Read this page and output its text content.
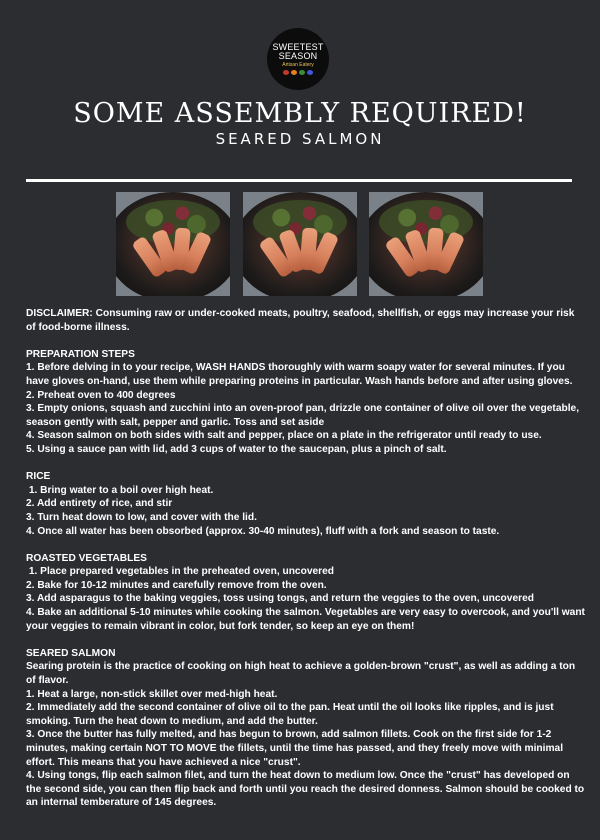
SWEETEST
SEASON
Artisan Eatery
SOME ASSEMBLY REQUIRED!
SEARED SALMON

DISCLAIMER: Consuming raw or under-cooked meats, poultry, seafood, shellfish, or eggs may increase your risk of food-borne illness.

PREPARATION STEPS

1. Before delving in to your recipe, WASH HANDS thoroughly with warm soapy water for several minutes. If you have gloves on-hand, use them while preparing proteins in particular. Wash hands before and after using gloves.

2. Preheat oven to 400 degrees

3. Empty onions, squash and zucchini into an oven-proof pan, drizzle one container of olive oil over the vegetable, season gently with salt, pepper and garlic. Toss and set aside

4. Season salmon on both sides with salt and pepper, place on a plate in the refrigerator until ready to use.

5. Using a sauce pan with lid, add 3 cups of water to the saucepan, plus a pinch of salt.

RICE

1. Bring water to a boil over high heat.

2. Add entirety of rice, and stir

3. Turn heat down to low, and cover with the lid.

4. Once all water has been obsorbed (approx. 30-40 minutes), fluff with a fork and season to taste.

ROASTED VEGETABLES

1. Place prepared vegetables in the preheated oven, uncovered

2. Bake for 10-12 minutes and carefully remove from the oven.

3. Add asparagus to the baking veggies, toss using tongs, and return the veggies to the oven, uncovered

4. Bake an additional 5-10 minutes while cooking the salmon. Vegetables are very easy to overcook, and you'll want your veggies to remain vibrant in color, but fork tender, so keep an eye on them!

SEARED SALMON

Searing protein is the practice of cooking on high heat to achieve a golden-brown "crust", as well as adding a ton of flavor.

1. Heat a large, non-stick skillet over med-high heat.

2. Immediately add the second container of olive oil to the pan. Heat until the oil looks like ripples, and is just smoking. Turn the heat down to medium, and add the butter.

3. Once the butter has fully melted, and has begun to brown, add salmon fillets. Cook on the first side for 1-2 minutes, making certain NOT TO MOVE the fillets, until the time has passed, and they freely move with minimal effort. This means that you have achieved a nice "crust".

4. Using tongs, flip each salmon filet, and turn the heat down to medium low. Once the "crust" has developed on the second side, you can then flip back and forth until you reach the desired donness. Salmon should be cooked to an internal temberature of 145 degrees.
